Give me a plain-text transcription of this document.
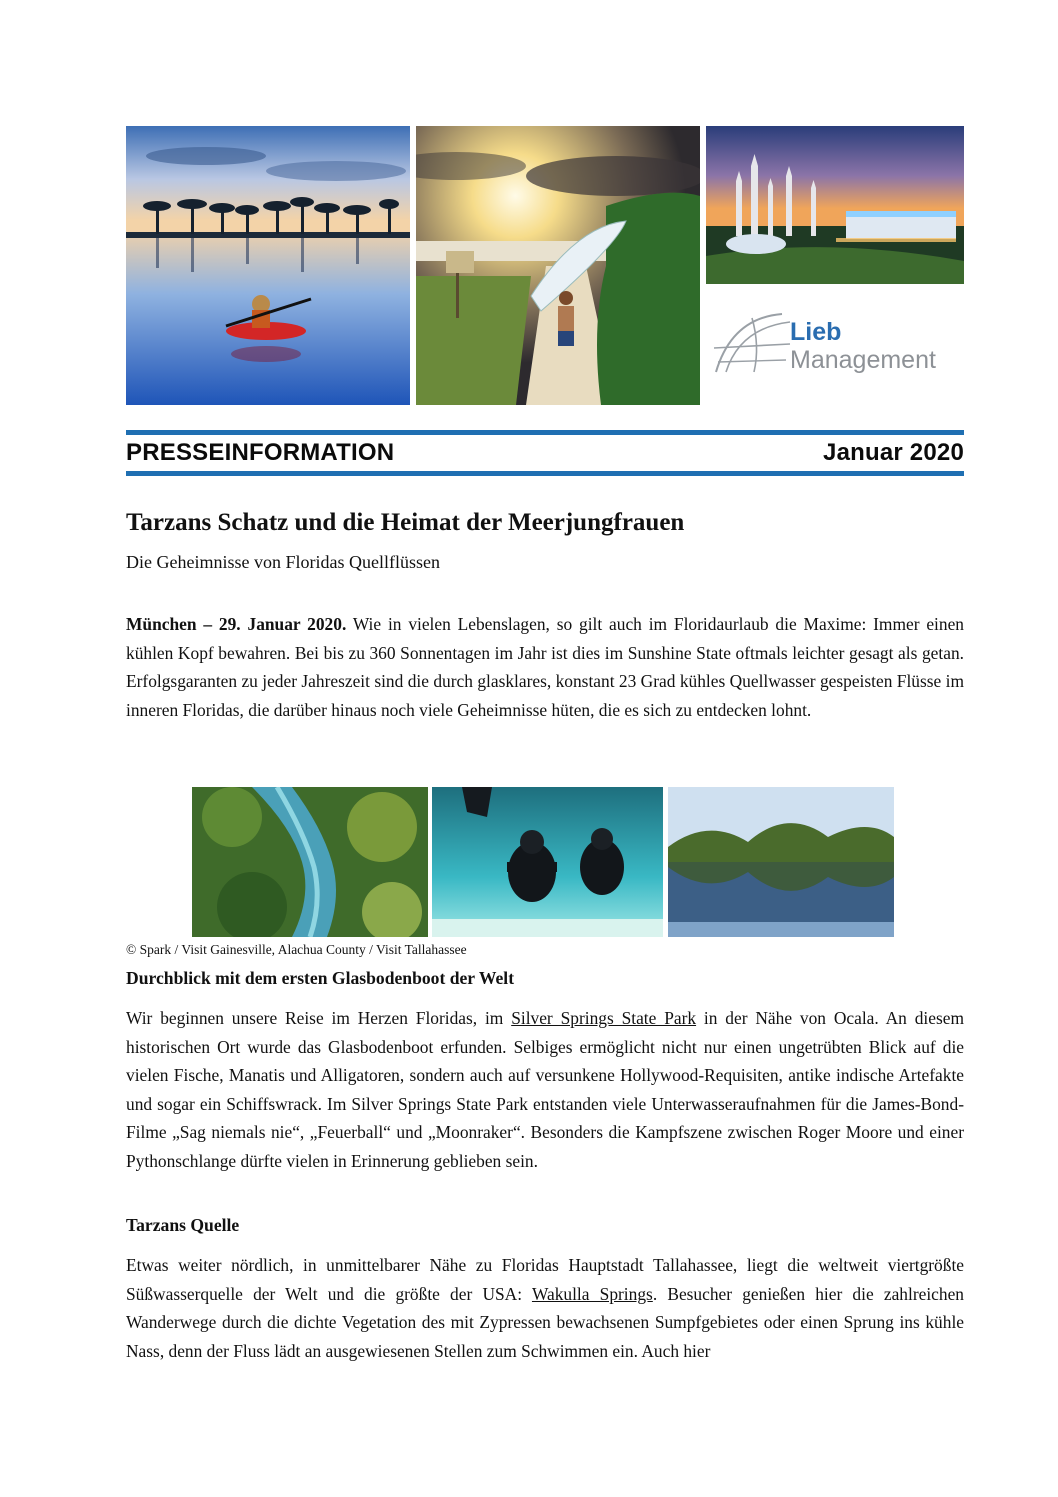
Lieb
Management
PRESSEINFORMATION	Januar 2020
Tarzans Schatz und die Heimat der Meerjungfrauen
Die Geheimnisse von Floridas Quellflüssen
München – 29. Januar 2020. Wie in vielen Lebenslagen, so gilt auch im Floridaurlaub die Maxime: Immer einen kühlen Kopf bewahren. Bei bis zu 360 Sonnentagen im Jahr ist dies im Sunshine State oftmals leichter gesagt als getan. Erfolgsgaranten zu jeder Jahreszeit sind die durch glasklares, konstant 23 Grad kühles Quellwasser gespeisten Flüsse im inneren Floridas, die darüber hinaus noch viele Geheimnisse hüten, die es sich zu entdecken lohnt.
© Spark / Visit Gainesville, Alachua County / Visit Tallahassee
Durchblick mit dem ersten Glasbodenboot der Welt
Wir beginnen unsere Reise im Herzen Floridas, im Silver Springs State Park in der Nähe von Ocala. An diesem historischen Ort wurde das Glasbodenboot erfunden. Selbiges ermöglicht nicht nur einen ungetrübten Blick auf die vielen Fische, Manatis und Alligatoren, sondern auch auf versunkene Hollywood-Requisiten, antike indische Artefakte und sogar ein Schiffswrack. Im Silver Springs State Park entstanden viele Unterwasseraufnahmen für die James-Bond-Filme „Sag niemals nie“, „Feuerball“ und „Moonraker“. Besonders die Kampfszene zwischen Roger Moore und einer Pythonschlange dürfte vielen in Erinnerung geblieben sein.
Tarzans Quelle
Etwas weiter nördlich, in unmittelbarer Nähe zu Floridas Hauptstadt Tallahassee, liegt die weltweit viertgrößte Süßwasserquelle der Welt und die größte der USA: Wakulla Springs. Besucher genießen hier die zahlreichen Wanderwege durch die dichte Vegetation des mit Zypressen bewachsenen Sumpfgebietes oder einen Sprung ins kühle Nass, denn der Fluss lädt an ausgewiesenen Stellen zum Schwimmen ein. Auch hier
